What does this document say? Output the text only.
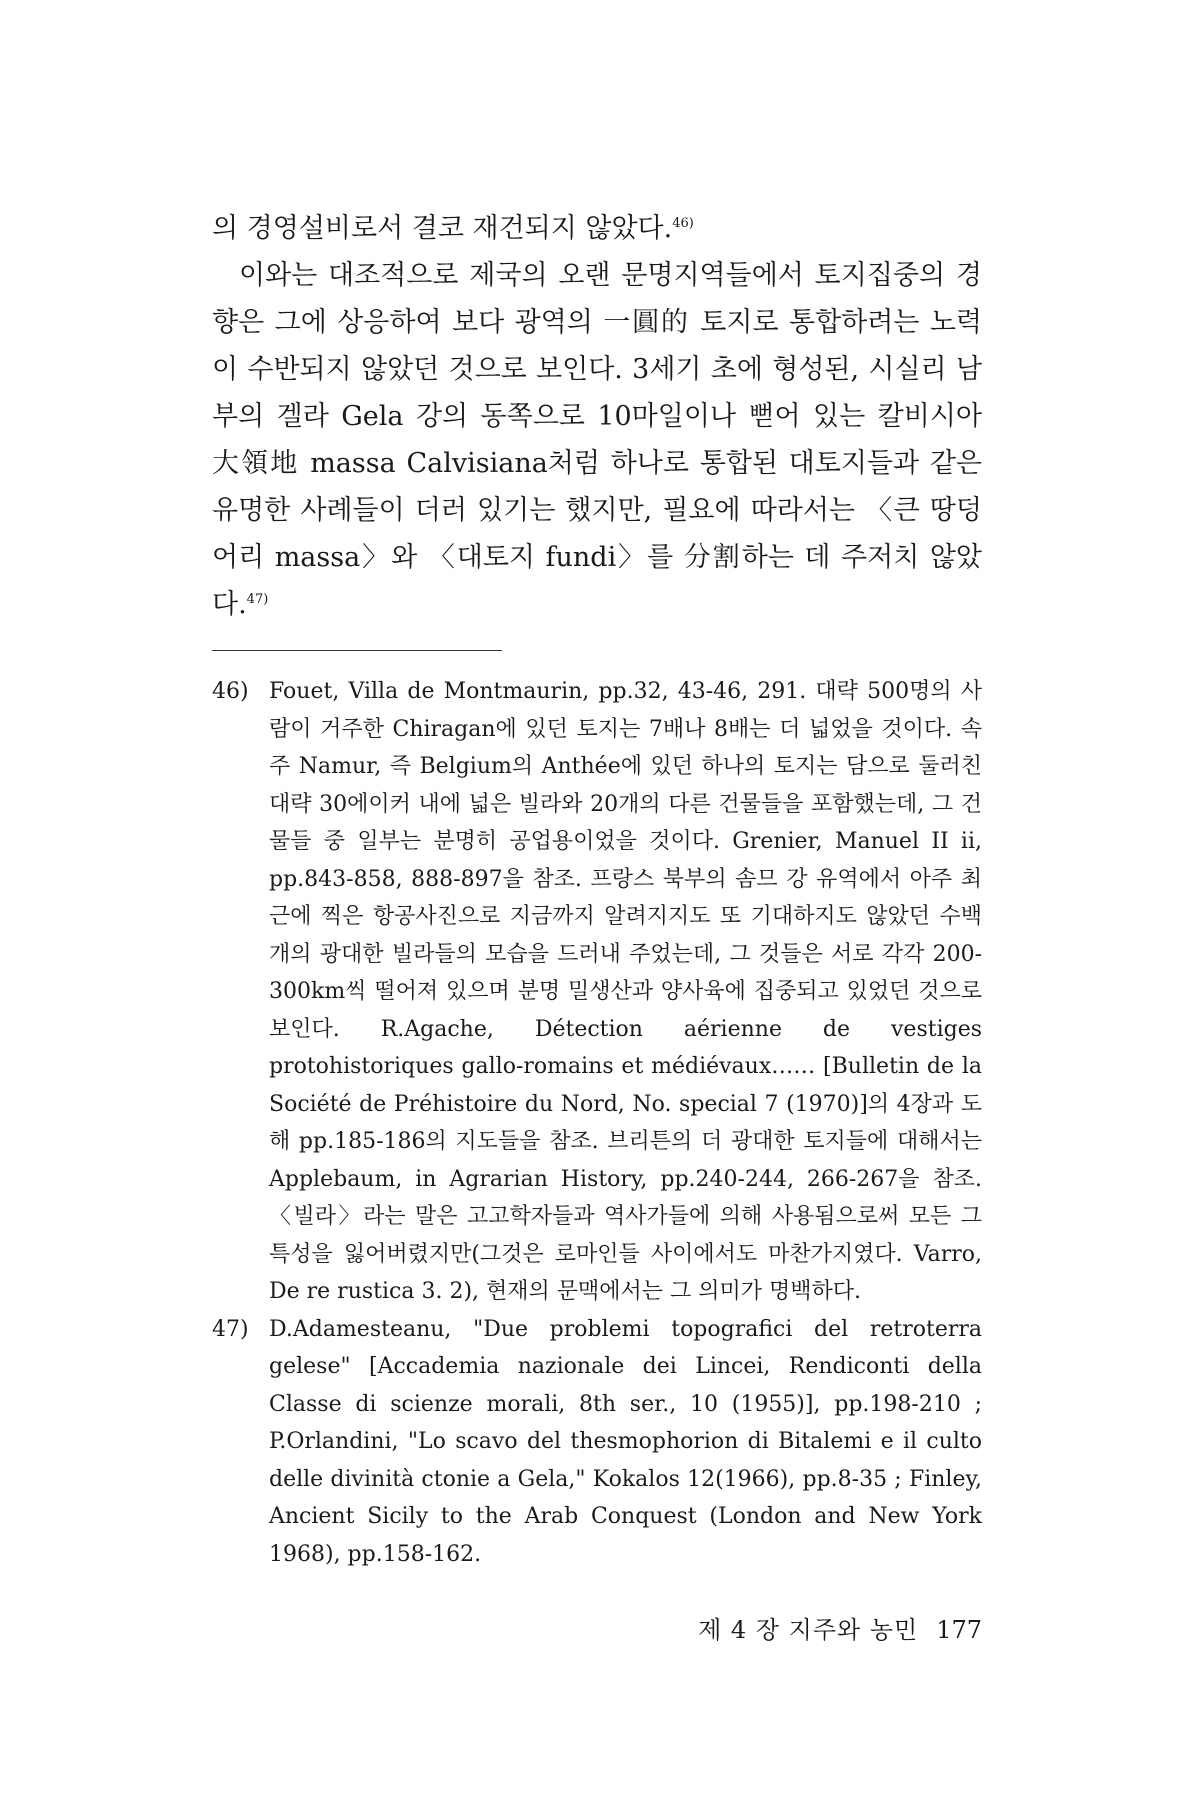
의 경영설비로서 결코 재건되지 않았다.$^{46)}$

이와는 대조적으로 제국의 오랜 문명지역들에서 토지집중의 경향은 그에 상응하여 보다 광역의 一圓的 토지로 통합하려는 노력이 수반되지 않았던 것으로 보인다. 3세기 초에 형성된, 시실리 남부의 겔라 Gela 강의 동쪽으로 10마일이나 뻗어 있는 칼비시아 大領地 massa Calvisiana처럼 하나로 통합된 대토지들과 같은 유명한 사례들이 더러 있기는 했지만, 필요에 따라서는 〈큰 땅덩어리 massa〉와 〈대토지 fundi〉를 分割하는 데 주저치 않았다.$^{47)}$

46) Fouet, Villa de Montmaurin, pp.32, 43-46, 291. 대략 500명의 사람이 거주한 Chiragan에 있던 토지는 7배나 8배는 더 넓었을 것이다. 속주 Namur, 즉 Belgium의 Anthée에 있던 하나의 토지는 담으로 둘러친 대략 30에이커 내에 넓은 빌라와 20개의 다른 건물들을 포함했는데, 그 건물들 중 일부는 분명히 공업용이었을 것이다. Grenier, Manuel II ii, pp.843-858, 888-897을 참조. 프랑스 북부의 솜므 강 유역에서 아주 최근에 찍은 항공사진으로 지금까지 알려지지도 또 기대하지도 않았던 수백 개의 광대한 빌라들의 모습을 드러내 주었는데, 그 것들은 서로 각각 200-300km씩 떨어져 있으며 분명 밀생산과 양사육에 집중되고 있었던 것으로 보인다. R.Agache, Détection aérienne de vestiges protohistoriques gallo-romains et médiévaux…… [Bulletin de la Société de Préhistoire du Nord, No. special 7 (1970)]의 4장과 도해 pp.185-186의 지도들을 참조. 브리튼의 더 광대한 토지들에 대해서는 Applebaum, in Agrarian History, pp.240-244, 266-267을 참조. 〈빌라〉라는 말은 고고학자들과 역사가들에 의해 사용됨으로써 모든 그 특성을 잃어버렸지만(그것은 로마인들 사이에서도 마찬가지였다. Varro, De re rustica 3. 2), 현재의 문맥에서는 그 의미가 명백하다.
47) D.Adamesteanu, "Due problemi topografici del retroterra gelese" [Accademia nazionale dei Lincei, Rendiconti della Classe di scienze morali, 8th ser., 10 (1955)], pp.198-210 ; P.Orlandini, "Lo scavo del thesmophorion di Bitalemi e il culto delle divinità ctonie a Gela," Kokalos 12(1966), pp.8-35 ; Finley, Ancient Sicily to the Arab Conquest (London and New York 1968), pp.158-162.
제 4 장 지주와 농민 177
